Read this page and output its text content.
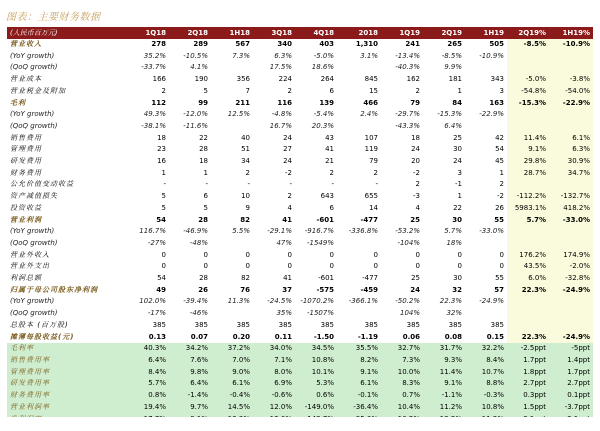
图表：主要财务数据
(人民币百万元)	1Q18	2Q18	1H18	3Q18	4Q18	2018	1Q19	2Q19	1H19	2Q19%	1H19%
营业收入	278	289	567	340	403	1,310	241	265	505	-8.5%	-10.9%
(YoY growth)	35.2%	-10.5%	7.3%	6.3%	-5.0%	3.1%	-13.4%	-8.5%	-10.9%		
(QoQ growth)	-33.7%	4.1%		17.5%	18.6%		-40.3%	9.9%			
营业成本	166	190	356	224	264	845	162	181	343	-5.0%	-3.8%
营业税金及附加	2	5	7	2	6	15	2	1	3	-54.8%	-54.0%
毛利	112	99	211	116	139	466	79	84	163	-15.3%	-22.9%
(YoY growth)	49.3%	-12.0%	12.5%	-4.8%	-5.4%	2.4%	-29.7%	-15.3%	-22.9%		
(QoQ growth)	-38.1%	-11.6%		16.7%	20.3%		-43.3%	6.4%			
销售费用	18	22	40	24	43	107	18	25	42	11.4%	6.1%
管理费用	23	28	51	27	41	119	24	30	54	9.1%	6.3%
研发费用	16	18	34	24	21	79	20	24	45	29.8%	30.9%
财务费用	1	1	2	-2	2	2	-2	3	1	28.7%	34.7%
公允价值变动收益	-	-	-	-	-	-	2	-1	2		
资产减值损失	5	6	10	2	643	655	-3	1	-2	-112.2%	-132.7%
投资收益	5	5	9	4	6	14	4	22	26	5983.1%	418.2%
营业利润	54	28	82	41	-601	-477	25	30	55	5.7%	-33.0%
(YoY growth)	116.7%	-46.9%	5.5%	-29.1%	-916.7%	-336.8%	-53.2%	5.7%	-33.0%		
(QoQ growth)	-27%	-48%		47%	-1549%		-104%	18%			
营业外收入	0	0	0	0	0	0	0	0	0	176.2%	174.9%
营业外支出	0	0	0	0	0	0	0	0	0	43.5%	-2.0%
利润总额	54	28	82	41	-601	-477	25	30	55	6.0%	-32.8%
归属于母公司股东净利润	49	26	76	37	-575	-459	24	32	57	22.3%	-24.9%
(YoY growth)	102.0%	-39.4%	11.3%	-24.5%	-1070.2%	-366.1%	-50.2%	22.3%	-24.9%		
(QoQ growth)	-17%	-46%		35%	-1507%		104%	32%			
总股本 (百万股)	385	385	385	385	385	385	385	385	385		
摊薄每股收益(元)	0.13	0.07	0.20	0.11	-1.50	-1.19	0.06	0.08	0.15	22.3%	-24.9%
毛利率	40.3%	34.2%	37.2%	34.0%	34.5%	35.5%	32.7%	31.7%	32.2%	-2.5ppt	-5ppt
销售费用率	6.4%	7.6%	7.0%	7.1%	10.8%	8.2%	7.3%	9.3%	8.4%	1.7ppt	1.4ppt
管理费用率	8.4%	9.8%	9.0%	8.0%	10.1%	9.1%	10.0%	11.4%	10.7%	1.8ppt	1.7ppt
研发费用率	5.7%	6.4%	6.1%	6.9%	5.3%	6.1%	8.3%	9.1%	8.8%	2.7ppt	2.7ppt
财务费用率	0.8%	-1.4%	-0.4%	-0.6%	0.6%	-0.1%	0.7%	-1.1%	-0.3%	0.3ppt	0.1ppt
营业利润率	19.4%	9.7%	14.5%	12.0%	-149.0%	-36.4%	10.4%	11.2%	10.8%	1.5ppt	-3.7ppt
